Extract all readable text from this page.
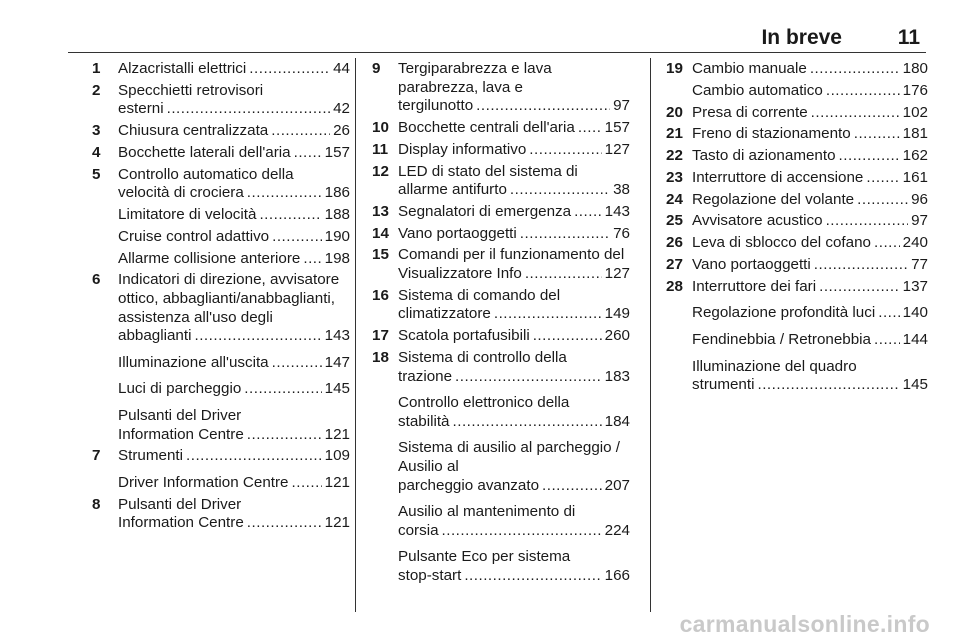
In breve	11
1 Alzacristalli elettrici .....	44
2 Specchietti retrovisori
esterni .....	42
3 Chiusura centralizzata .....	26
4 Bocchette laterali dell'aria ..... 157
5 Controllo automatico della
velocità di crociera .....	186
Limitatore di velocità .....	188
Cruise control adattivo .....	190
Allarme collisione anteriore ..... 198
6 Indicatori di direzione, avvisatore ottico, abbaglianti/anabbaglianti, assistenza all'uso degli
abbaglianti .....	143
Illuminazione all'uscita .....	147
Luci di parcheggio .....	145
Pulsanti del Driver
Information Centre .....	121
7 Strumenti .....	109
Driver Information Centre ..... 121
8 Pulsanti del Driver
Information Centre .....	121
9 Tergiparabrezza e lava parabrezza, lava e
tergilunotto .....	97
10 Bocchette centrali dell'aria ..... 157
11 Display informativo .....	127
12 LED di stato del sistema di
allarme antifurto .....	38
13 Segnalatori di emergenza ..... 143
14 Vano portaoggetti .....	76
15 Comandi per il funzionamento del
Visualizzatore Info .....	127
16 Sistema di comando del
climatizzatore .....	149
17 Scatola portafusibili .....	260
18 Sistema di controllo della
trazione .....	183
Controllo elettronico della
stabilità .....	184
Sistema di ausilio al parcheggio / Ausilio al
parcheggio avanzato .....	207
Ausilio al mantenimento di
corsia .....	224
Pulsante Eco per sistema
stop-start .....	166
19 Cambio manuale .....	180
Cambio automatico .....	176
20 Presa di corrente .....	102
21 Freno di stazionamento .....	181
22 Tasto di azionamento .....	162
23 Interruttore di accensione .....	161
24 Regolazione del volante .....	96
25 Avvisatore acustico .....	97
26 Leva di sblocco del cofano ..... 240
27 Vano portaoggetti .....	77
28 Interruttore dei fari .....	137
Regolazione profondità luci ..... 140
Fendinebbia / Retronebbia ..... 144
Illuminazione del quadro
strumenti .....	145
carmanualsonline.info
